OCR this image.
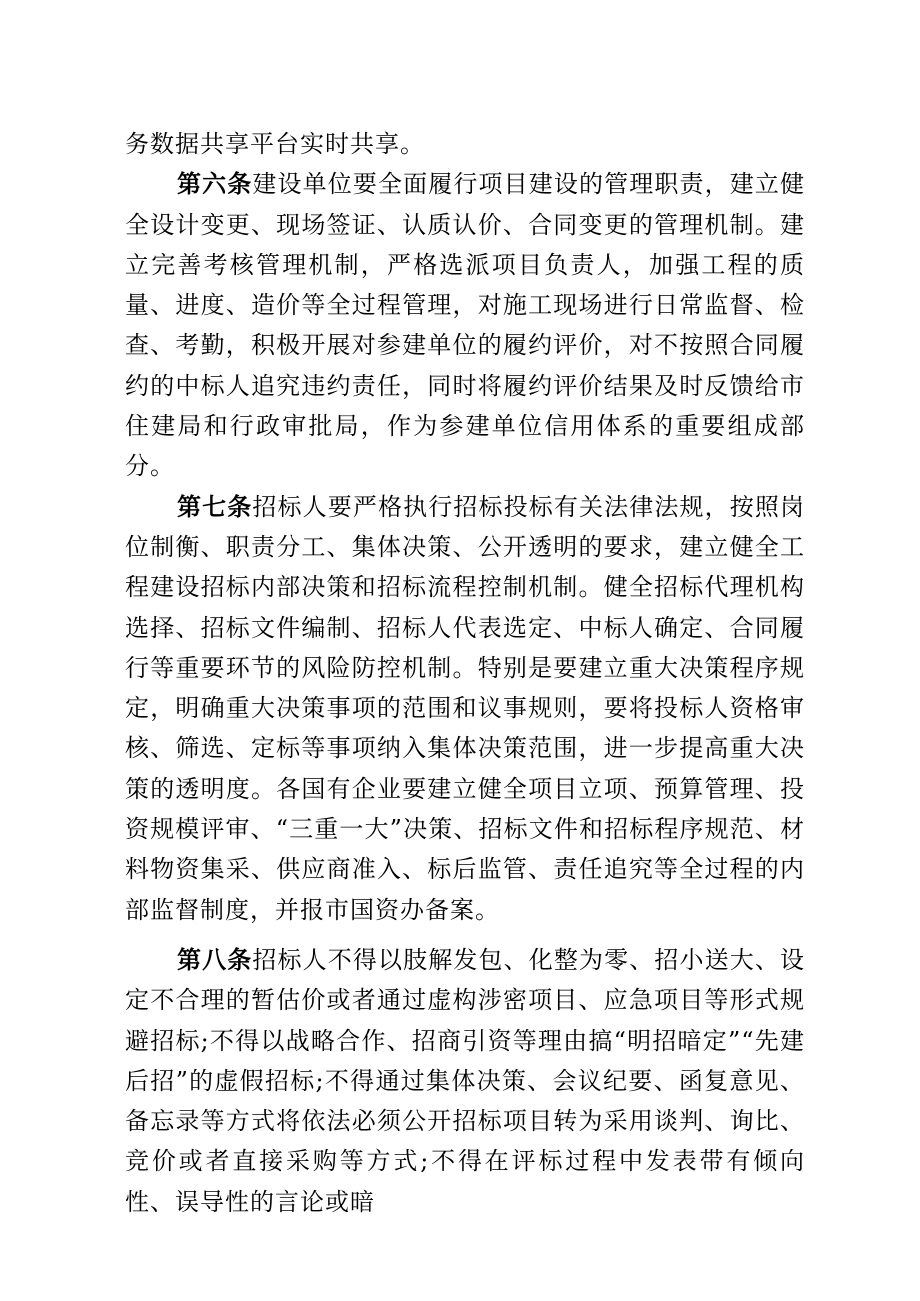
务数据共享平台实时共享。

第六条建设单位要全面履行项目建设的管理职责，建立健全设计变更、现场签证、认质认价、合同变更的管理机制。建立完善考核管理机制，严格选派项目负责人，加强工程的质量、进度、造价等全过程管理，对施工现场进行日常监督、检查、考勤，积极开展对参建单位的履约评价，对不按照合同履约的中标人追究违约责任，同时将履约评价结果及时反馈给市住建局和行政审批局，作为参建单位信用体系的重要组成部分。

第七条招标人要严格执行招标投标有关法律法规，按照岗位制衡、职责分工、集体决策、公开透明的要求，建立健全工程建设招标内部决策和招标流程控制机制。健全招标代理机构选择、招标文件编制、招标人代表选定、中标人确定、合同履行等重要环节的风险防控机制。特别是要建立重大决策程序规定，明确重大决策事项的范围和议事规则，要将投标人资格审核、筛选、定标等事项纳入集体决策范围，进一步提高重大决策的透明度。各国有企业要建立健全项目立项、预算管理、投资规模评审、“三重一大”决策、招标文件和招标程序规范、材料物资集采、供应商准入、标后监管、责任追究等全过程的内部监督制度，并报市国资办备案。

第八条招标人不得以肢解发包、化整为零、招小送大、设定不合理的暂估价或者通过虚构涉密项目、应急项目等形式规避招标;不得以战略合作、招商引资等理由搞“明招暗定”“先建后招”的虚假招标;不得通过集体决策、会议纪要、函复意见、备忘录等方式将依法必须公开招标项目转为采用谈判、询比、竞价或者直接采购等方式;不得在评标过程中发表带有倾向性、误导性的言论或暗
